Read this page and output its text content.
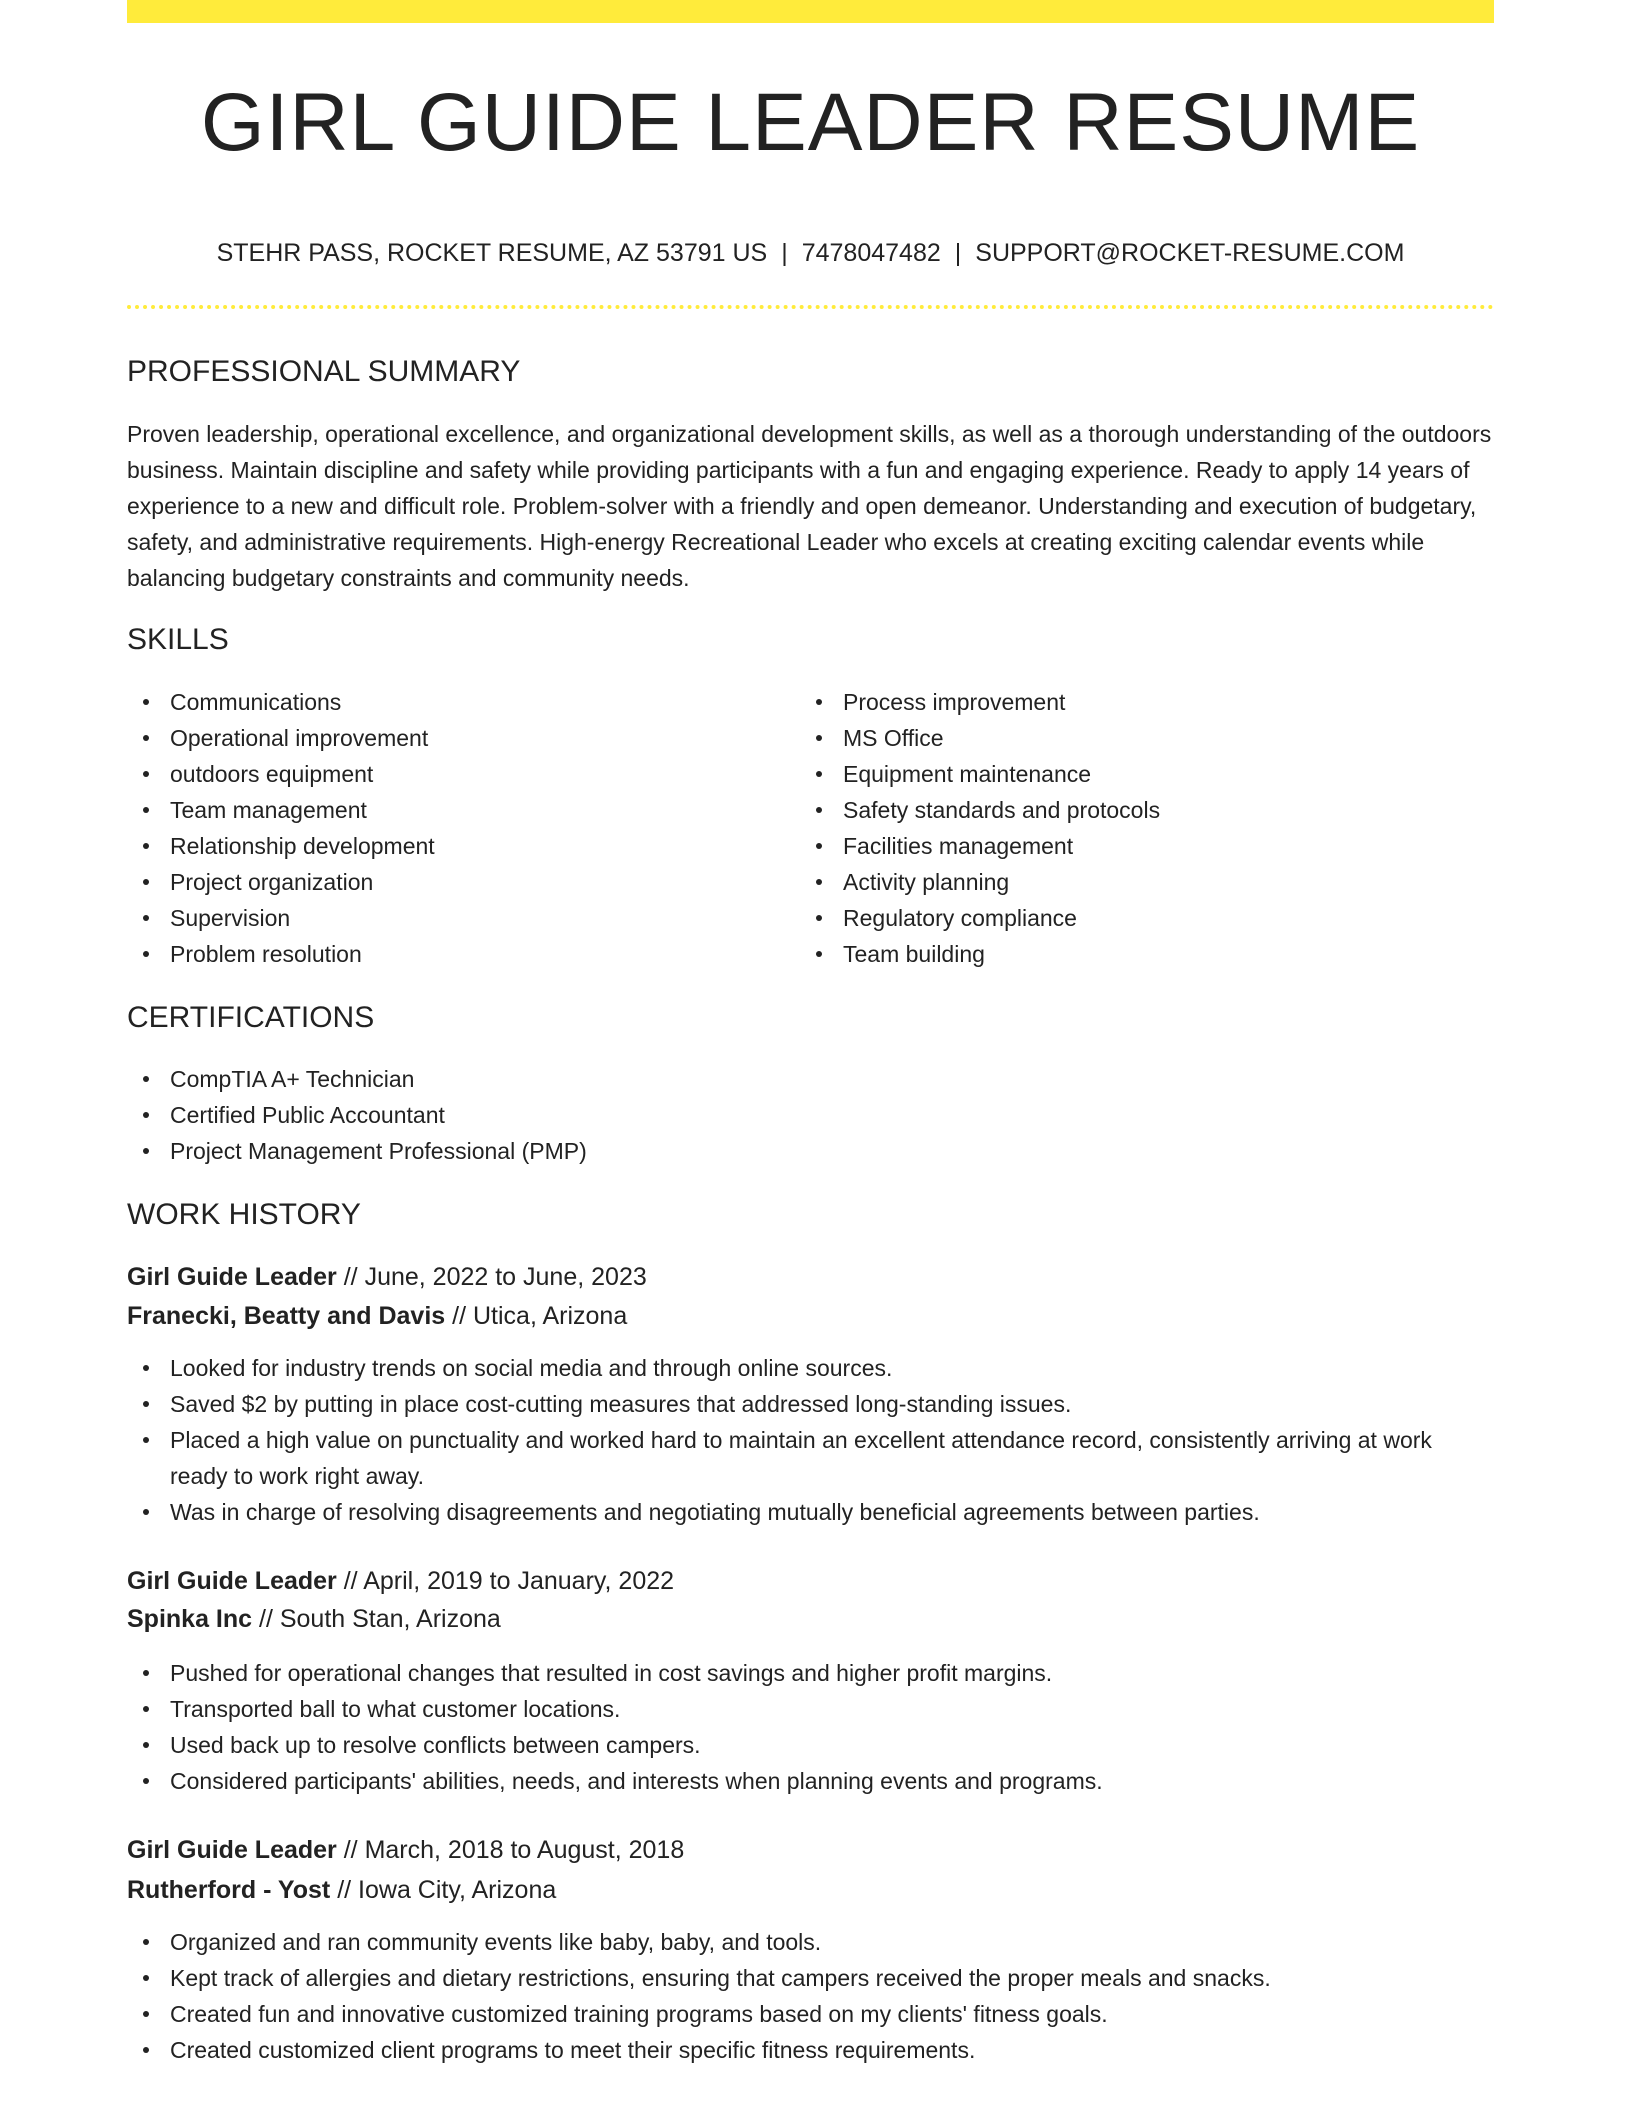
GIRL GUIDE LEADER RESUME
STEHR PASS, ROCKET RESUME, AZ 53791 US | 7478047482 | SUPPORT@ROCKET-RESUME.COM
PROFESSIONAL SUMMARY

Proven leadership, operational excellence, and organizational development skills, as well as a thorough understanding of the outdoors business. Maintain discipline and safety while providing participants with a fun and engaging experience. Ready to apply 14 years of experience to a new and difficult role. Problem-solver with a friendly and open demeanor. Understanding and execution of budgetary, safety, and administrative requirements. High-energy Recreational Leader who excels at creating exciting calendar events while balancing budgetary constraints and community needs.

SKILLS
Communications
Operational improvement
outdoors equipment
Team management
Relationship development
Project organization
Supervision
Problem resolution
Process improvement
MS Office
Equipment maintenance
Safety standards and protocols
Facilities management
Activity planning
Regulatory compliance
Team building
CERTIFICATIONS
CompTIA A+ Technician
Certified Public Accountant
Project Management Professional (PMP)
WORK HISTORY
Girl Guide Leader // June, 2022 to June, 2023
Franecki, Beatty and Davis // Utica, Arizona
Looked for industry trends on social media and through online sources.
Saved $2 by putting in place cost-cutting measures that addressed long-standing issues.
Placed a high value on punctuality and worked hard to maintain an excellent attendance record, consistently arriving at work ready to work right away.
Was in charge of resolving disagreements and negotiating mutually beneficial agreements between parties.
Girl Guide Leader // April, 2019 to January, 2022
Spinka Inc // South Stan, Arizona
Pushed for operational changes that resulted in cost savings and higher profit margins.
Transported ball to what customer locations.
Used back up to resolve conflicts between campers.
Considered participants' abilities, needs, and interests when planning events and programs.
Girl Guide Leader // March, 2018 to August, 2018
Rutherford - Yost // Iowa City, Arizona
Organized and ran community events like baby, baby, and tools.
Kept track of allergies and dietary restrictions, ensuring that campers received the proper meals and snacks.
Created fun and innovative customized training programs based on my clients' fitness goals.
Created customized client programs to meet their specific fitness requirements.
